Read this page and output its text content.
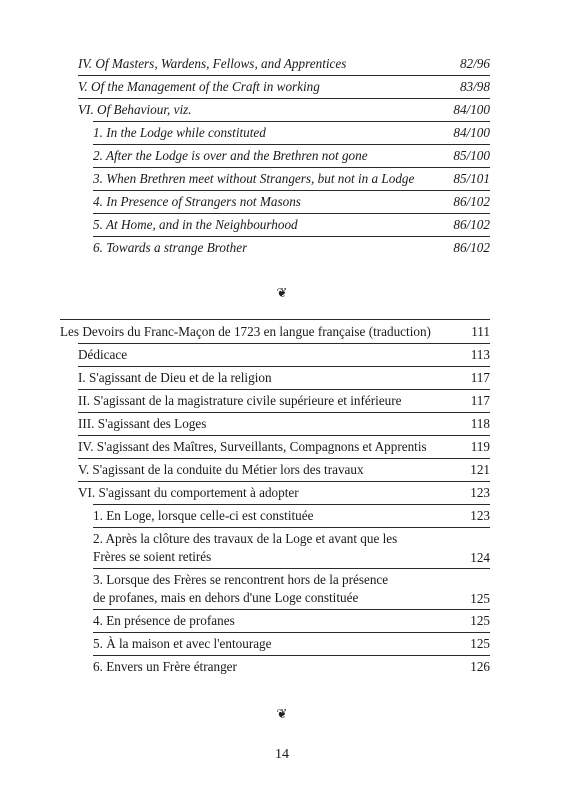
IV. Of Masters, Wardens, Fellows, and Apprentices	82/96
V. Of the Management of the Craft in working	83/98
VI. Of Behaviour, viz.	84/100
1. In the Lodge while constituted	84/100
2. After the Lodge is over and the Brethren not gone	85/100
3. When Brethren meet without Strangers, but not in a Lodge	85/101
4. In Presence of Strangers not Masons	86/102
5. At Home, and in the Neighbourhood	86/102
6. Towards a strange Brother	86/102
❦
Les Devoirs du Franc-Maçon de 1723 en langue française (traduction)	111
Dédicace	113
I. S'agissant de Dieu et de la religion	117
II. S'agissant de la magistrature civile supérieure et inférieure	117
III. S'agissant des Loges	118
IV. S'agissant des Maîtres, Surveillants, Compagnons et Apprentis	119
V. S'agissant de la conduite du Métier lors des travaux	121
VI. S'agissant du comportement à adopter	123
1. En Loge, lorsque celle-ci est constituée	123
2. Après la clôture des travaux de la Loge et avant que les Frères se soient retirés	124
3. Lorsque des Frères se rencontrent hors de la présence de profanes, mais en dehors d'une Loge constituée	125
4. En présence de profanes	125
5. À la maison et avec l'entourage	125
6. Envers un Frère étranger	126
❦
14
